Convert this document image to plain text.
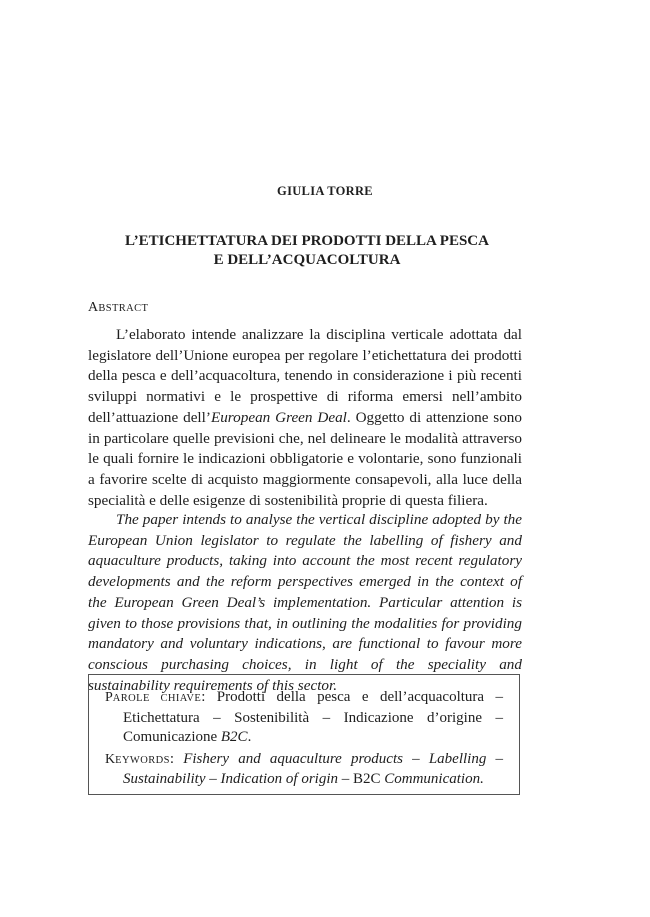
GIULIA TORRE
L’ETICHETTATURA DEI PRODOTTI DELLA PESCA
E DELL’ACQUACOLTURA
ABSTRACT

L’elaborato intende analizzare la disciplina verticale adottata dal legislatore dell’Unione europea per regolare l’etichettatura dei prodotti della pesca e dell’acquacoltura, tenendo in considerazione i più recenti sviluppi normativi e le prospettive di riforma emersi nell’ambito dell’attuazione dell’European Green Deal. Oggetto di attenzione sono in particolare quelle previsioni che, nel delineare le modalità attraverso le quali fornire le indicazioni obbligatorie e volontarie, sono funzionali a favorire scelte di acquisto maggiormente consapevoli, alla luce della specialità e delle esigenze di sostenibilità proprie di questa filiera.

The paper intends to analyse the vertical discipline adopted by the European Union legislator to regulate the labelling of fishery and aquaculture products, taking into account the most recent regulatory developments and the reform perspectives emerged in the context of the European Green Deal’s implementation. Particular attention is given to those provisions that, in outlining the modalities for providing mandatory and voluntary indications, are functional to favour more conscious purchasing choices, in light of the speciality and sustainability requirements of this sector.

PAROLE CHIAVE: Prodotti della pesca e dell’acquacoltura – Etichettatura – Sostenibilità – Indicazione d’origine – Comunicazione B2C.

KEYWORDS: Fishery and aquaculture products – Labelling – Sustainability – Indication of origin – B2C Communication.
